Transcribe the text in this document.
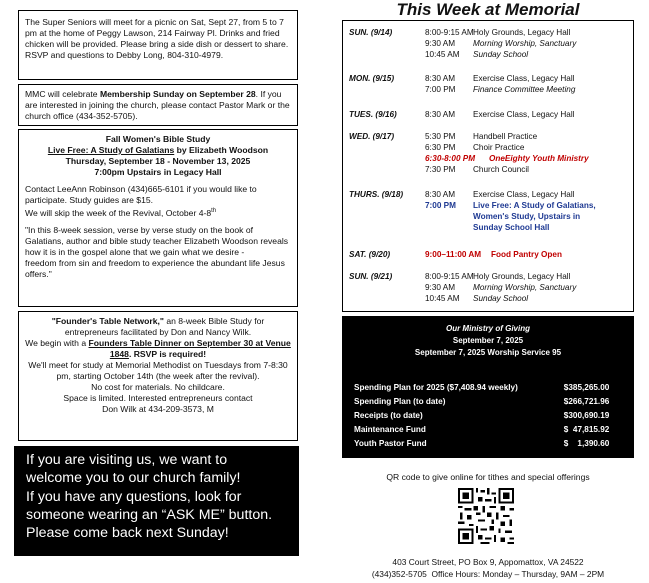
The Super Seniors will meet for a picnic on Sat, Sept 27, from 5 to 7 pm at the home of Peggy Lawson, 214 Fairway Pl. Drinks and fried chicken will be provided. Please bring a side dish or dessert to share. RSVP and questions to Debby Long, 804-310-4979.
MMC will celebrate Membership Sunday on September 28. If you are interested in joining the church, please contact Pastor Mark or the church office (434-352-5705).
Fall Women's Bible Study
Live Free: A Study of Galatians by Elizabeth Woodson
Thursday, September 18 - November 13, 2025
7:00pm Upstairs in Legacy Hall
Contact LeeAnn Robinson (434)665-6101 if you would like to participate. Study guides are $15.
We will skip the week of the Revival, October 4-8th
"In this 8-week session, verse by verse study on the book of Galatians, author and bible study teacher Elizabeth Woodson reveals how it is in the gospel alone that we gain what we desire -
freedom from sin and freedom to experience the abundant life Jesus offers."
"Founder's Table Network," an 8-week Bible Study for entrepreneurs facilitated by Don and Nancy Wilk.
We begin with a Founders Table Dinner on September 30 at Venue 1848. RSVP is required!
We'll meet for study at Memorial Methodist on Tuesdays from 7-8:30 pm, starting October 14th (the week after the revival).
No cost for materials. No childcare.
Space is limited. Interested entrepreneurs contact
Don Wilk at 434-209-3573, M
If you are visiting us, we want to
welcome you to our church family!
If you have any questions, look for
someone wearing an “ASK ME” button.
Please come back next Sunday!
This Week at Memorial
SUN. (9/14)	8:00-9:15 AMHoly Grounds, Legacy Hall
9:30 AM Morning Worship, Sanctuary
10:45 AM Sunday School
MON. (9/15)	8:30 AM Exercise Class, Legacy Hall
7:00 PM Finance Committee Meeting
TUES. (9/16)	8:30 AM Exercise Class, Legacy Hall
WED. (9/17)	5:30 PM Handbell Practice
6:30 PM Choir Practice
6:30-8:00 PM OneEighty Youth Ministry
7:30 PM Church Council
THURS. (9/18)	8:30 AM Exercise Class, Legacy Hall
7:00 PM Live Free: A Study of Galatians,
Women's Study, Upstairs in
Sunday School Hall
SAT. (9/20)	9:00–11:00 AM Food Pantry Open
SUN. (9/21)	8:00-9:15 AMHoly Grounds, Legacy Hall
9:30 AM Morning Worship, Sanctuary
10:45 AM Sunday School
Our Ministry of Giving
September 7, 2025
September 7, 2025 Worship Service 95
Spending Plan for 2025 ($7,408.94 weekly)	$385,265.00
Spending Plan (to date)	$266,721.96
Receipts (to date)	$300,690.19
Maintenance Fund	$  47,815.92
Youth Pastor Fund	$    1,390.60
QR code to give online for tithes and special offerings
403 Court Street, PO Box 9, Appomattox, VA 24522
(434)352-5705  Office Hours: Monday – Thursday, 9AM – 2PM
